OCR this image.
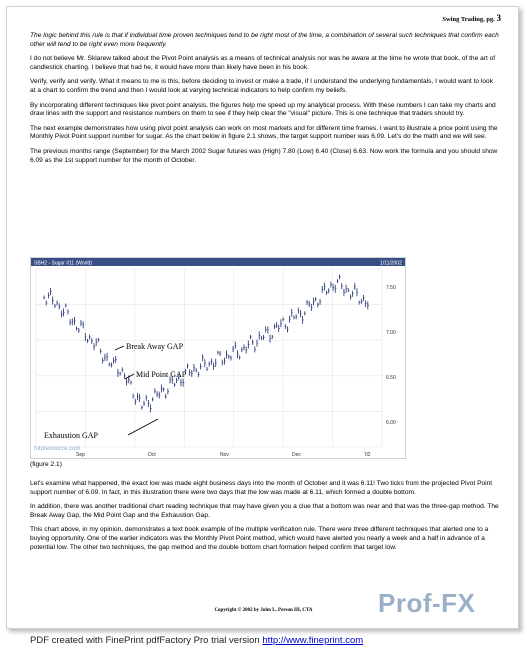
Swing Trading, pg. 3

The logic behind this rule is that if individual time proven techniques tend to be right most of the time, a combination of several such techniques that confirm each other will tend to be right even more frequently.

I do not believe Mr. Sklarew talked about the Pivot Point analysis as a means of technical analysis nor was he aware at the time he wrote that book, of the art of candlestick charting. I believe that had he, it would have more than likely have been in his book.

Verify, verify and verify. What it means to me is this, before deciding to invest or make a trade, if I understand the underlying fundamentals, I would want to look at a chart to confirm the trend and then I would look at varying technical indicators to help confirm my beliefs.

By incorporating different techniques like pivot point analysis, the figures help me speed up my analytical process. With these numbers I can take my charts and draw lines with the support and resistance numbers on them to see if they help clear the "visual" picture. This is one technique that traders should try.

The next example demonstrates how using pivot point analysis can work on most markets and for different time frames. I want to illustrate a price point using the Monthly Pivot Point support number for sugar. As the chart below in figure 2.1 shows, the target support number was 6.09. Let's do the math and we will see.

The previous months range (September) for the March 2002 Sugar futures was (High) 7.80 (Low) 6.40 (Close) 6.63. Now work the formula and you should show 6.09 as the 1st support number for the month of October.

SBH2 - Sugar #11 (World)	1/11/2002
7.50
7.00
6.50
6.00
Sep	Oct	Nov	Dec	'02
Break Away GAP
Mid Point GAP
Exhaustion GAP
futuresource.com
(figure 2.1)

Let's examine what happened, the exact low was made eight business days into the month of October and it was 6.11! Two ticks from the projected Pivot Point support number of 6.09. In fact, in this illustration there were two days that the low was made at 6.11, which formed a double bottom.

In addition, there was another traditional chart reading technique that may have given you a clue that a bottom was near and that was the three-gap method. The Break Away Gap, the Mid Point Gap and the Exhaustion Gap.

This chart above, in my opinion, demonstrates a text book example of the multiple verification rule. There were three different techniques that alerted one to a buying opportunity. One of the earlier indicators was the Monthly Pivot Point method, which would have alerted you nearly a week and a half in advance of a potential low. The other two techniques, the gap method and the double bottom chart formation helped confirm that target low.

Copyright © 2002 by John L. Person III, CTA	Prof-FX
PDF created with FinePrint pdfFactory Pro trial version http://www.fineprint.com
